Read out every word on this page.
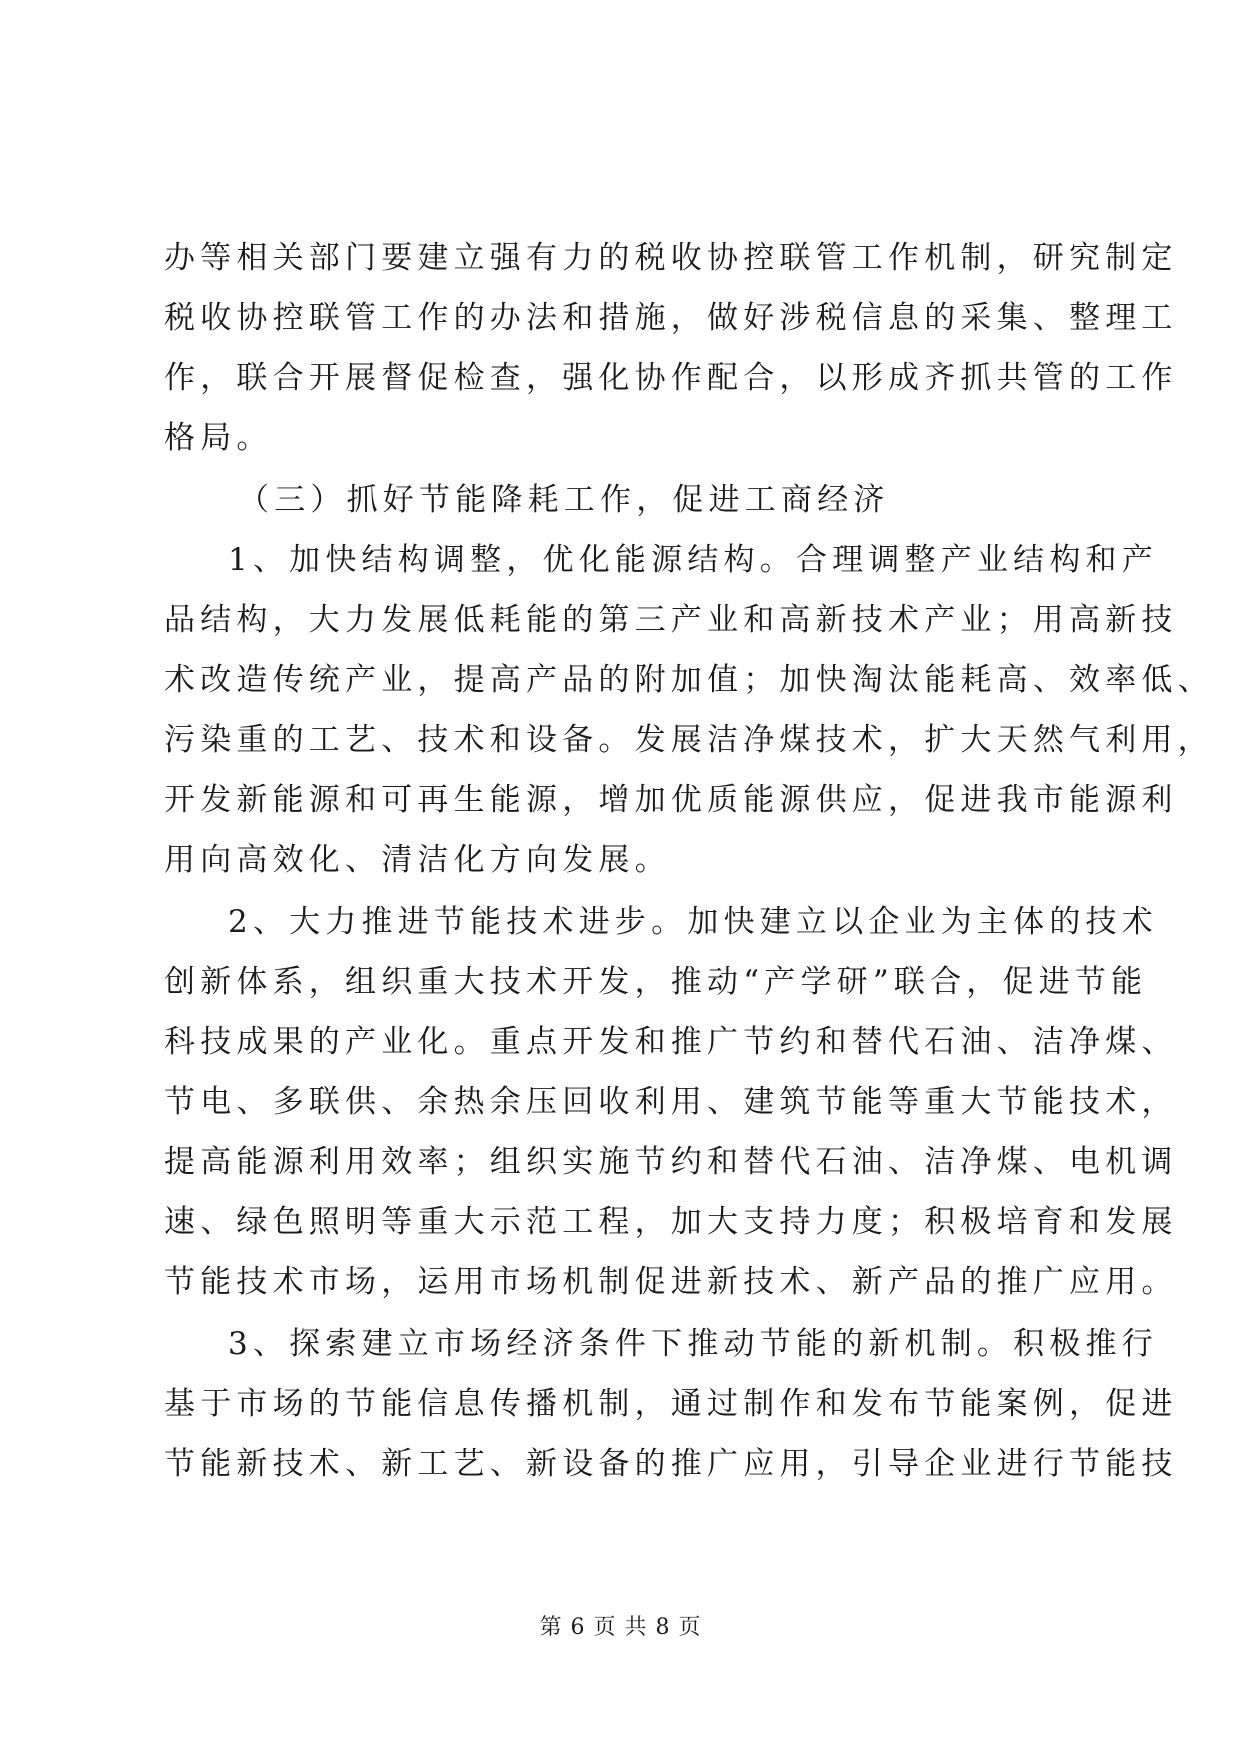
办等相关部门要建立强有力的税收协控联管工作机制，研究制定
税收协控联管工作的办法和措施，做好涉税信息的采集、整理工
作，联合开展督促检查，强化协作配合，以形成齐抓共管的工作
格局。
（三）抓好节能降耗工作，促进工商经济
1、加快结构调整，优化能源结构。合理调整产业结构和产
品结构，大力发展低耗能的第三产业和高新技术产业；用高新技
术改造传统产业，提高产品的附加值；加快淘汰能耗高、效率低、
污染重的工艺、技术和设备。发展洁净煤技术，扩大天然气利用，
开发新能源和可再生能源，增加优质能源供应，促进我市能源利
用向高效化、清洁化方向发展。
2、大力推进节能技术进步。加快建立以企业为主体的技术
创新体系，组织重大技术开发，推动“产学研”联合，促进节能
科技成果的产业化。重点开发和推广节约和替代石油、洁净煤、
节电、多联供、余热余压回收利用、建筑节能等重大节能技术，
提高能源利用效率；组织实施节约和替代石油、洁净煤、电机调
速、绿色照明等重大示范工程，加大支持力度；积极培育和发展
节能技术市场，运用市场机制促进新技术、新产品的推广应用。
3、探索建立市场经济条件下推动节能的新机制。积极推行
基于市场的节能信息传播机制，通过制作和发布节能案例，促进
节能新技术、新工艺、新设备的推广应用，引导企业进行节能技
第 6 页 共 8 页
